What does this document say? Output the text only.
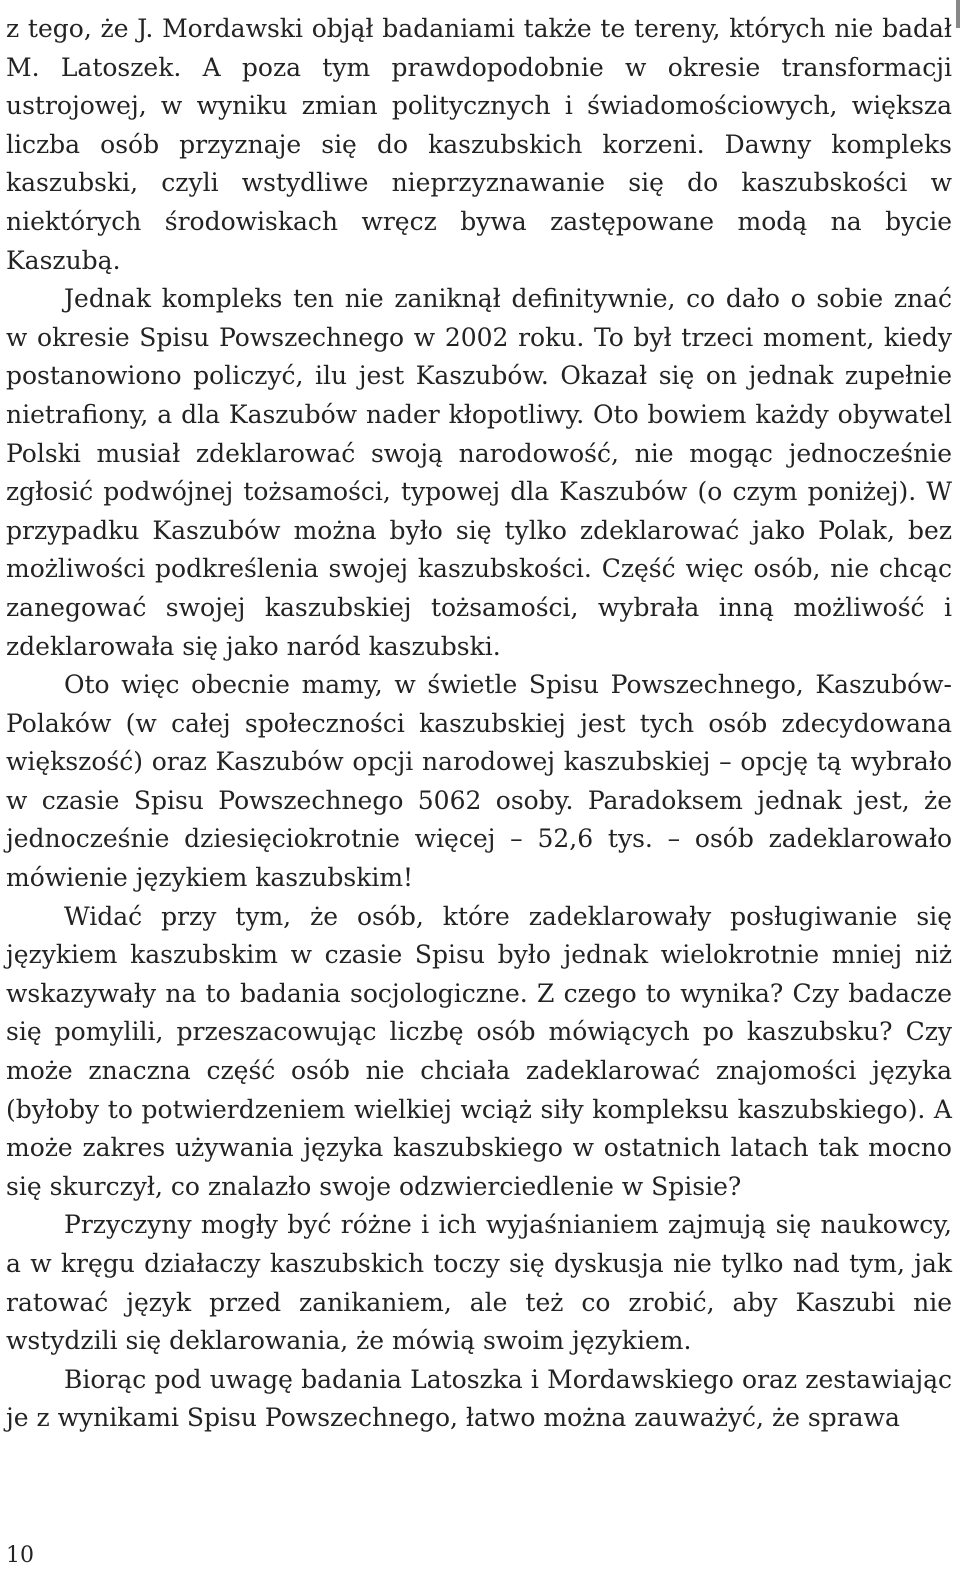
z tego, że J. Mordawski objął badaniami także te tereny, których nie badał M. Latoszek. A poza tym prawdopodobnie w okresie transformacji ustrojowej, w wyniku zmian politycznych i świadomościowych, większa liczba osób przyznaje się do kaszubskich korzeni. Dawny kompleks kaszubski, czyli wstydliwe nieprzyznawanie się do kaszubskości w niektórych środowiskach wręcz bywa zastępowane modą na bycie Kaszubą.

Jednak kompleks ten nie zaniknął definitywnie, co dało o sobie znać w okresie Spisu Powszechnego w 2002 roku. To był trzeci moment, kiedy postanowiono policzyć, ilu jest Kaszubów. Okazał się on jednak zupełnie nietrafiony, a dla Kaszubów nader kłopotliwy. Oto bowiem każdy obywatel Polski musiał zdeklarować swoją narodowość, nie mogąc jednocześnie zgłosić podwójnej tożsamości, typowej dla Kaszubów (o czym poniżej). W przypadku Kaszubów można było się tylko zdeklarować jako Polak, bez możliwości podkreślenia swojej kaszubskości. Część więc osób, nie chcąc zanegować swojej kaszubskiej tożsamości, wybrała inną możliwość i zdeklarowała się jako naród kaszubski.

Oto więc obecnie mamy, w świetle Spisu Powszechnego, Kaszubów-Polaków (w całej społeczności kaszubskiej jest tych osób zdecydowana większość) oraz Kaszubów opcji narodowej kaszubskiej – opcję tą wybrało w czasie Spisu Powszechnego 5062 osoby. Paradoksem jednak jest, że jednocześnie dziesięciokrotnie więcej – 52,6 tys. – osób zadeklarowało mówienie językiem kaszubskim!

Widać przy tym, że osób, które zadeklarowały posługiwanie się językiem kaszubskim w czasie Spisu było jednak wielokrotnie mniej niż wskazywały na to badania socjologiczne. Z czego to wynika? Czy badacze się pomylili, przeszacowując liczbę osób mówiących po kaszubsku? Czy może znaczna część osób nie chciała zadeklarować znajomości języka (byłoby to potwierdzeniem wielkiej wciąż siły kompleksu kaszubskiego). A może zakres używania języka kaszubskiego w ostatnich latach tak mocno się skurczył, co znalazło swoje odzwierciedlenie w Spisie?

Przyczyny mogły być różne i ich wyjaśnianiem zajmują się naukowcy, a w kręgu działaczy kaszubskich toczy się dyskusja nie tylko nad tym, jak ratować język przed zanikaniem, ale też co zrobić, aby Kaszubi nie wstydzili się deklarowania, że mówią swoim językiem.

Biorąc pod uwagę badania Latoszka i Mordawskiego oraz zestawiając je z wynikami Spisu Powszechnego, łatwo można zauważyć, że sprawa

10
